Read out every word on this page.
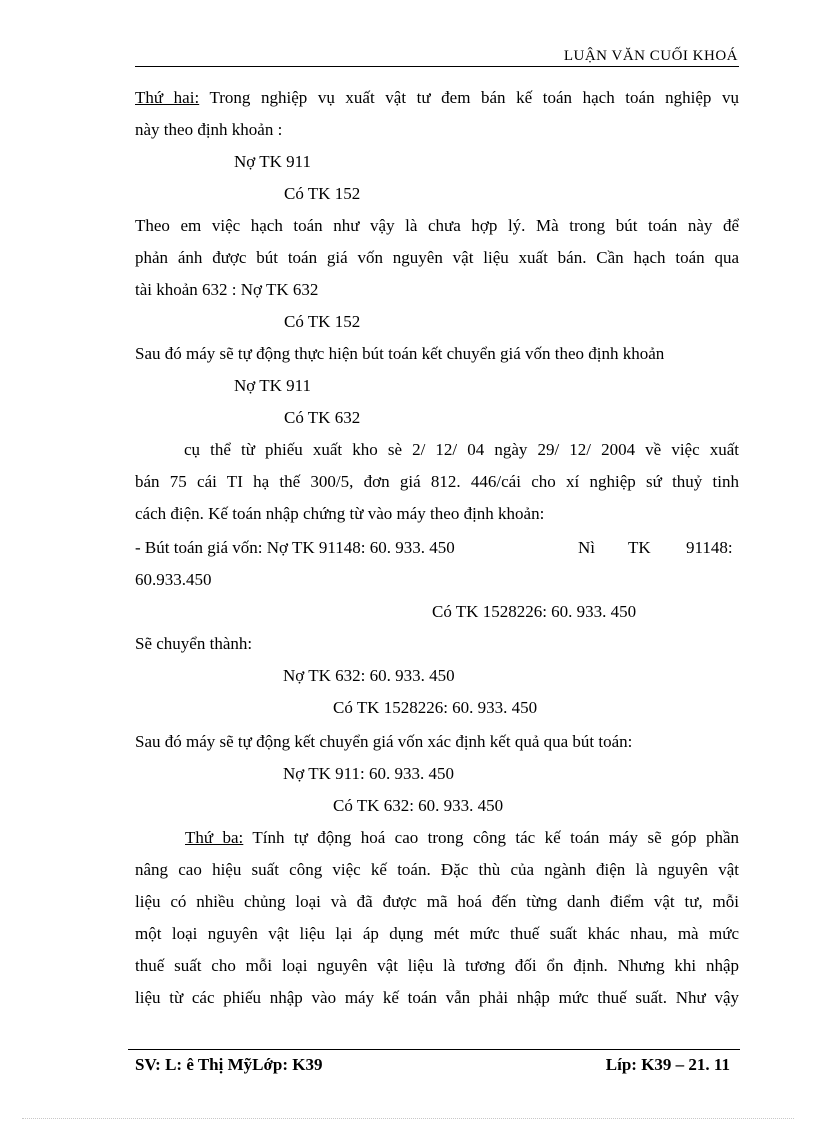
LUẬN VĂN CUỐI KHOÁ
Thứ hai: Trong nghiệp vụ xuất vật tư đem bán kế toán hạch toán nghiệp vụ
này theo định khoản :
Nợ TK 911
Có TK 152
Theo em việc hạch toán như vậy là chưa hợp lý. Mà trong bút toán này để
phản ánh được bút toán giá vốn nguyên vật liệu xuất bán. Cần hạch toán qua
tài khoản 632 : Nợ TK 632
Có TK 152
Sau đó máy sẽ tự động thực hiện bút toán kết chuyển giá vốn theo định khoản
Nợ TK 911
Có TK 632
cụ thể từ phiếu xuất kho sè 2/ 12/ 04 ngày 29/ 12/ 2004 về việc xuất
bán 75 cái TI hạ thế 300/5, đơn giá 812. 446/cái cho xí nghiệp sứ thuỷ tinh
cách điện. Kế toán nhập chứng từ vào máy theo định khoản:
- Bút toán giá vốn: Nợ TK 91148: 60. 933. 450	Nì TK 91148:
60.933.450
Có TK 1528226: 60. 933. 450
Sẽ chuyển thành:
Nợ TK 632: 60. 933. 450
Có TK 1528226: 60. 933. 450
Sau đó máy sẽ tự động kết chuyển giá vốn xác định kết quả qua bút toán:
Nợ TK 911: 60. 933. 450
Có TK 632: 60. 933. 450
Thứ ba: Tính tự động hoá cao trong công tác kế toán máy sẽ góp phần
nâng cao hiệu suất công việc kế toán. Đặc thù của ngành điện là nguyên vật
liệu có nhiều chủng loại và đã được mã hoá đến từng danh điểm vật tư, mỗi
một loại nguyên vật liệu lại áp dụng mét mức thuế suất khác nhau, mà mức
thuế suất cho mỗi loại nguyên vật liệu là tương đối ổn định. Nhưng khi nhập
liệu từ các phiếu nhập vào máy kế toán vẫn phải nhập mức thuế suất. Như vậy
SV: L: ê Thị MỹLớp: K39	Líp: K39 – 21. 11
